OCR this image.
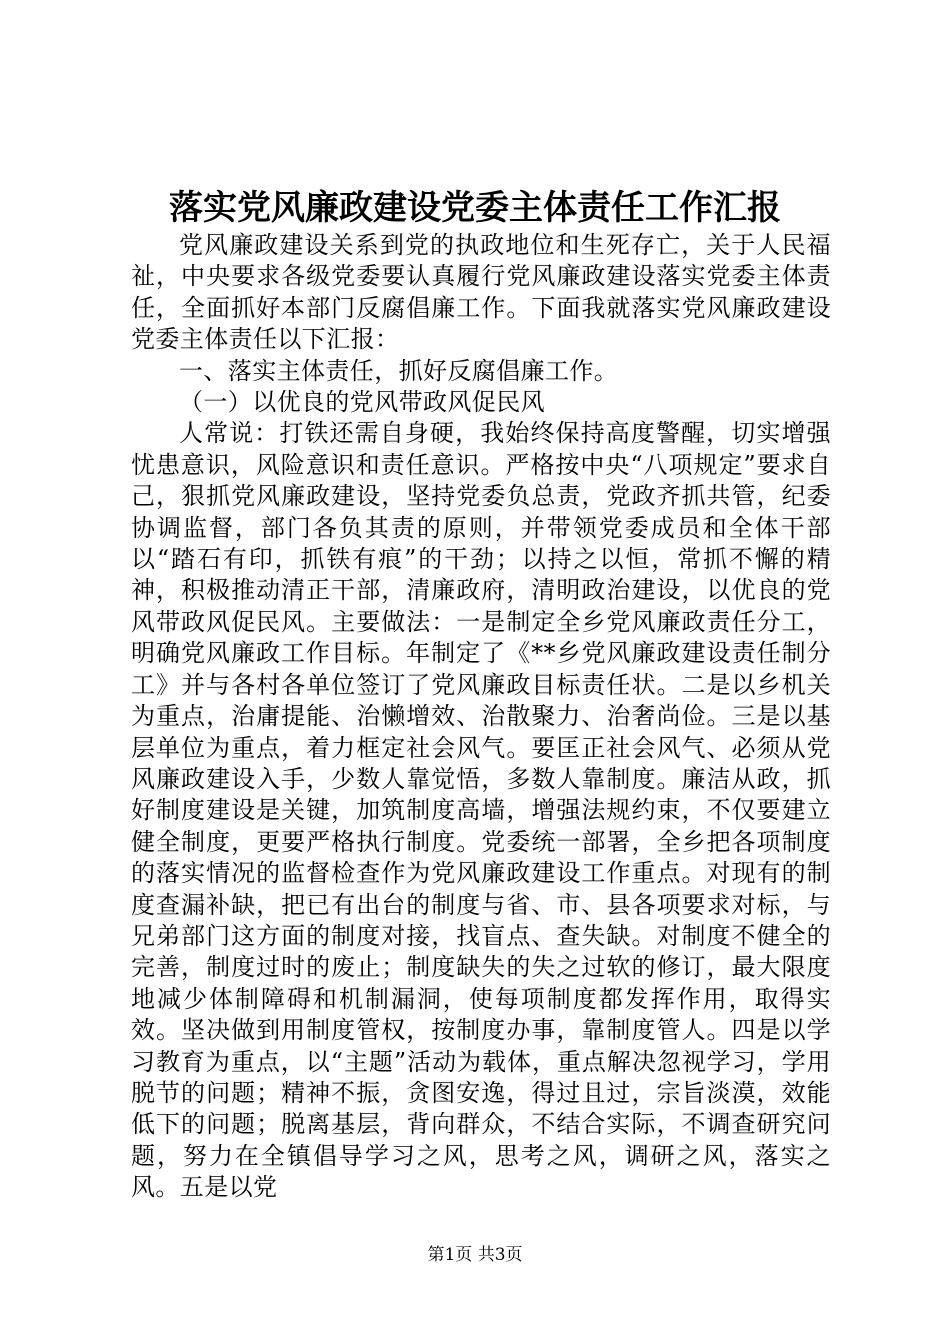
落实党风廉政建设党委主体责任工作汇报

党风廉政建设关系到党的执政地位和生死存亡，关于人民福祉，中央要求各级党委要认真履行党风廉政建设落实党委主体责任，全面抓好本部门反腐倡廉工作。下面我就落实党风廉政建设党委主体责任以下汇报：

一、落实主体责任，抓好反腐倡廉工作。

（一）以优良的党风带政风促民风

人常说：打铁还需自身硬，我始终保持高度警醒，切实增强忧患意识，风险意识和责任意识。严格按中央“八项规定”要求自己，狠抓党风廉政建设，坚持党委负总责，党政齐抓共管，纪委协调监督，部门各负其责的原则，并带领党委成员和全体干部以“踏石有印，抓铁有痕”的干劲；以持之以恒，常抓不懈的精神，积极推动清正干部，清廉政府，清明政治建设，以优良的党风带政风促民风。主要做法：一是制定全乡党风廉政责任分工，明确党风廉政工作目标。年制定了《**乡党风廉政建设责任制分工》并与各村各单位签订了党风廉政目标责任状。二是以乡机关为重点，治庸提能、治懒增效、治散聚力、治奢尚俭。三是以基层单位为重点，着力框定社会风气。要匡正社会风气、必须从党风廉政建设入手，少数人靠觉悟，多数人靠制度。廉洁从政，抓好制度建设是关键，加筑制度高墙，增强法规约束，不仅要建立健全制度，更要严格执行制度。党委统一部署，全乡把各项制度的落实情况的监督检查作为党风廉政建设工作重点。对现有的制度查漏补缺，把已有出台的制度与省、市、县各项要求对标，与兄弟部门这方面的制度对接，找盲点、查失缺。对制度不健全的完善，制度过时的废止；制度缺失的失之过软的修订，最大限度地减少体制障碍和机制漏洞，使每项制度都发挥作用，取得实效。坚决做到用制度管权，按制度办事，靠制度管人。四是以学习教育为重点，以“主题”活动为载体，重点解决忽视学习，学用脱节的问题；精神不振，贪图安逸，得过且过，宗旨淡漠，效能低下的问题；脱离基层，背向群众，不结合实际，不调查研究问题，努力在全镇倡导学习之风，思考之风，调研之风，落实之风。五是以党

第1页 共3页
